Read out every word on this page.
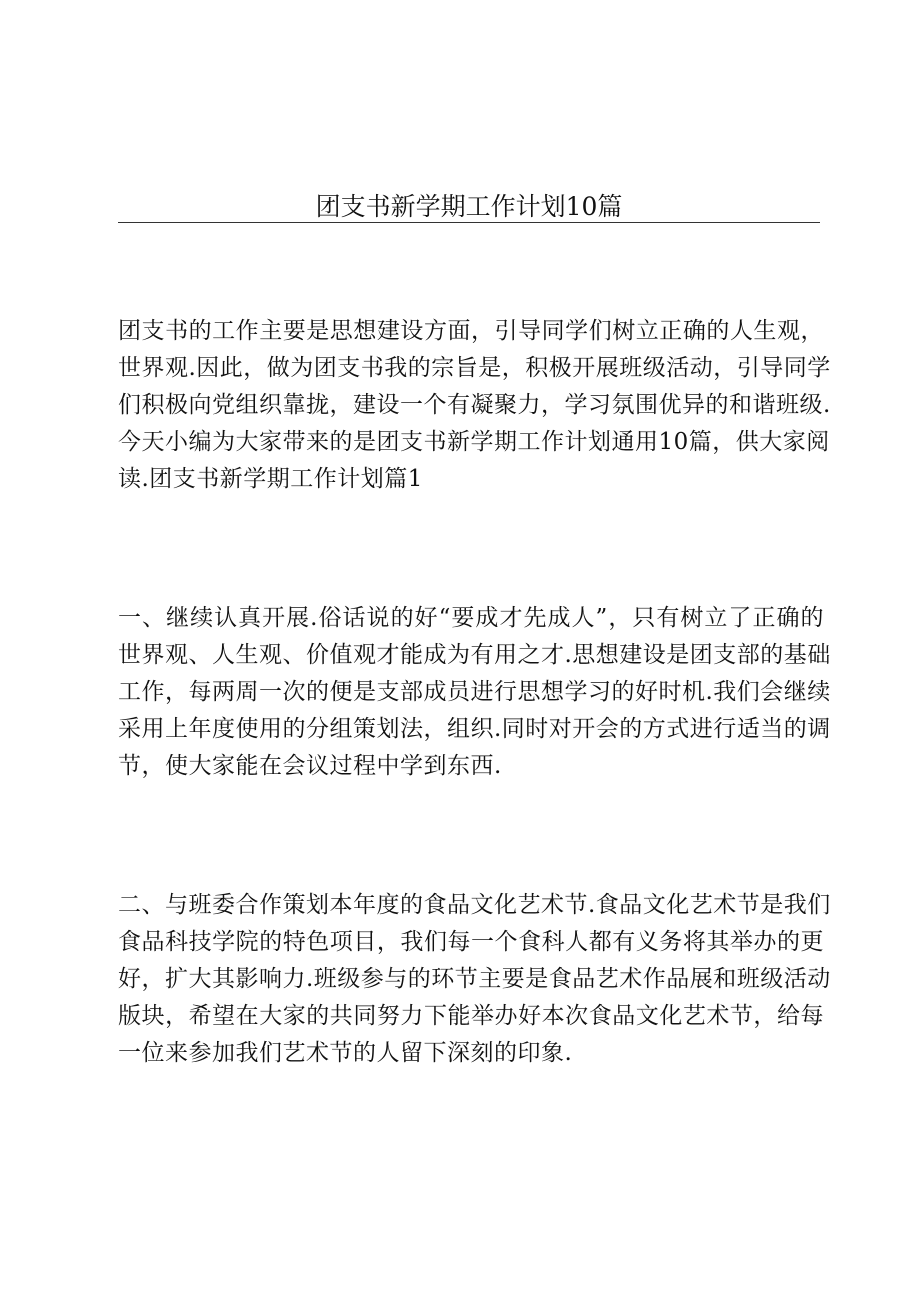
团支书新学期工作计划10篇
团支书的工作主要是思想建设方面，引导同学们树立正确的人生观，
世界观.因此，做为团支书我的宗旨是，积极开展班级活动，引导同学
们积极向党组织靠拢，建设一个有凝聚力，学习氛围优异的和谐班级.
今天小编为大家带来的是团支书新学期工作计划通用10篇，供大家阅
读.团支书新学期工作计划篇1
一、继续认真开展.俗话说的好“要成才先成人”，只有树立了正确的
世界观、人生观、价值观才能成为有用之才.思想建设是团支部的基础
工作，每两周一次的便是支部成员进行思想学习的好时机.我们会继续
采用上年度使用的分组策划法，组织.同时对开会的方式进行适当的调
节，使大家能在会议过程中学到东西.
二、与班委合作策划本年度的食品文化艺术节.食品文化艺术节是我们
食品科技学院的特色项目，我们每一个食科人都有义务将其举办的更
好，扩大其影响力.班级参与的环节主要是食品艺术作品展和班级活动
版块，希望在大家的共同努力下能举办好本次食品文化艺术节，给每
一位来参加我们艺术节的人留下深刻的印象.
